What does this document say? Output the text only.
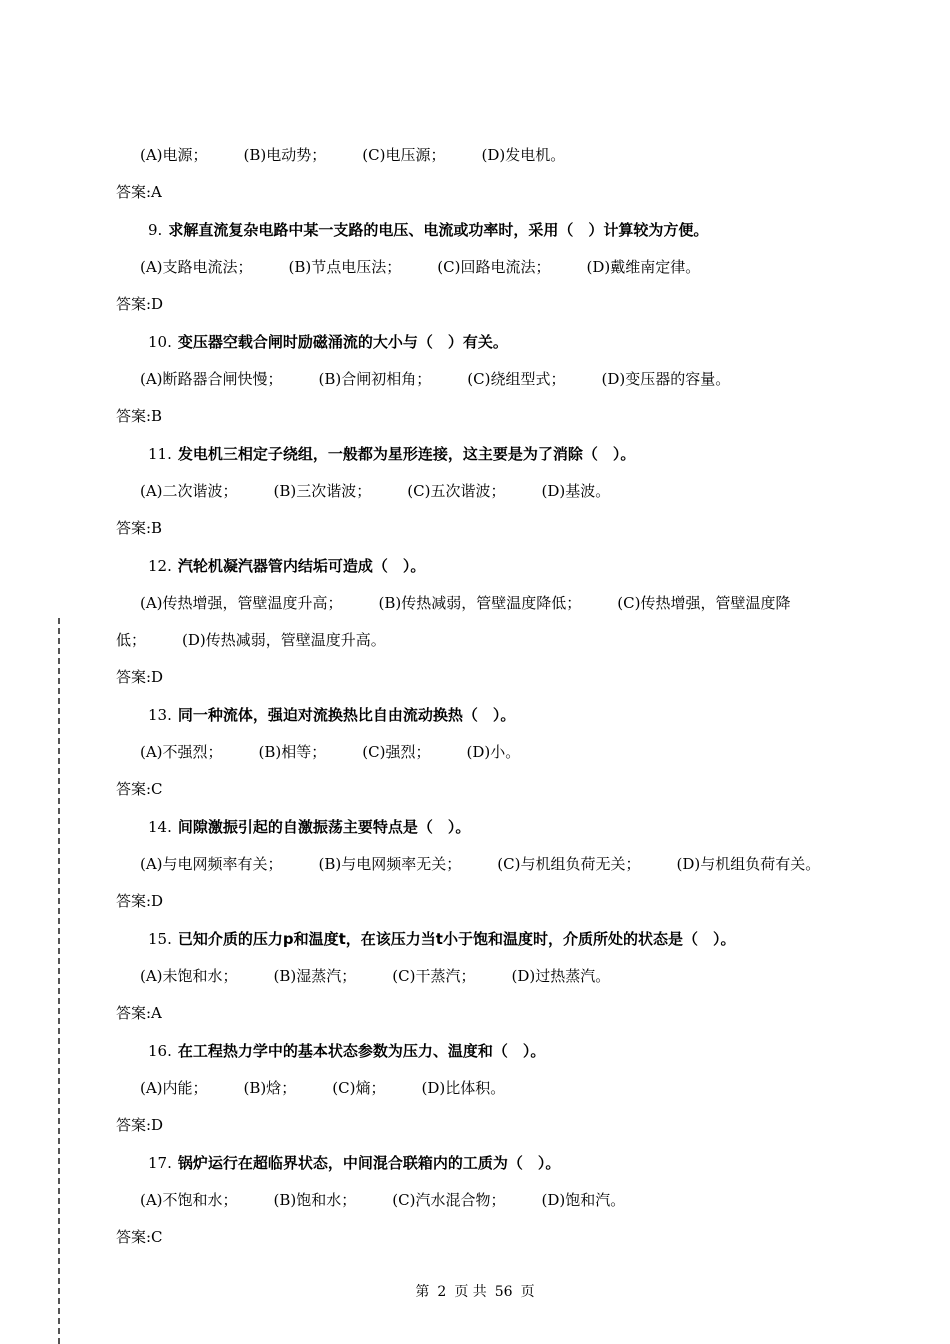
(A)电源； (B)电动势； (C)电压源； (D)发电机。
答案:A
9. 求解直流复杂电路中某一支路的电压、电流或功率时，采用（　）计算较为方便。
(A)支路电流法； (B)节点电压法； (C)回路电流法； (D)戴维南定律。
答案:D
10. 变压器空载合闸时励磁涌流的大小与（　）有关。
(A)断路器合闸快慢； (B)合闸初相角； (C)绕组型式； (D)变压器的容量。
答案:B
11. 发电机三相定子绕组，一般都为星形连接，这主要是为了消除（　）。
(A)二次谐波； (B)三次谐波； (C)五次谐波； (D)基波。
答案:B
12. 汽轮机凝汽器管内结垢可造成（　）。
(A)传热增强，管壁温度升高； (B)传热减弱，管壁温度降低； (C)传热增强，管壁温度降
低； (D)传热减弱，管壁温度升高。
答案:D
13. 同一种流体，强迫对流换热比自由流动换热（　）。
(A)不强烈； (B)相等； (C)强烈； (D)小。
答案:C
14. 间隙激振引起的自激振荡主要特点是（　）。
(A)与电网频率有关； (B)与电网频率无关； (C)与机组负荷无关； (D)与机组负荷有关。
答案:D
15. 已知介质的压力p和温度t，在该压力当t小于饱和温度时，介质所处的状态是（　）。
(A)未饱和水； (B)湿蒸汽； (C)干蒸汽； (D)过热蒸汽。
答案:A
16. 在工程热力学中的基本状态参数为压力、温度和（　）。
(A)内能； (B)焓； (C)熵； (D)比体积。
答案:D
17. 锅炉运行在超临界状态，中间混合联箱内的工质为（　）。
(A)不饱和水； (B)饱和水； (C)汽水混合物； (D)饱和汽。
答案:C
第 2 页 共 56 页
